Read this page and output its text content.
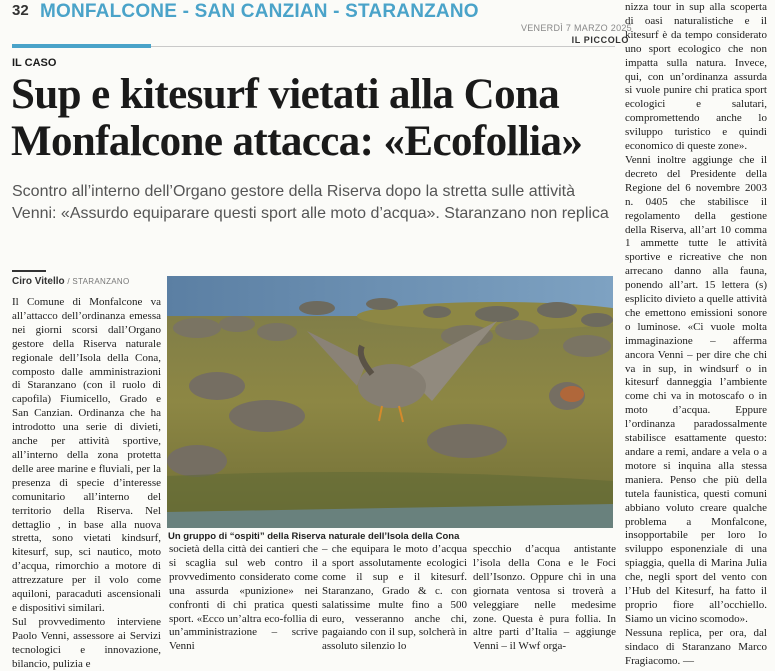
32 MONFALCONE - SAN CANZIAN - STARANZANO
VENERDÌ 7 MARZO 2025
IL PICCOLO
IL CASO
Sup e kitesurf vietati alla Cona
Monfalcone attacca: «Ecofollia»
Scontro all’interno dell’Organo gestore della Riserva dopo la stretta sulle attività
Venni: «Assurdo equiparare questi sport alle moto d’acqua». Staranzano non replica
Ciro Vitello / STARANZANO
Il Comune di Monfalcone va all’attacco dell’ordinanza emessa nei giorni scorsi dall’Organo gestore della Riserva naturale regionale dell’Isola della Cona, composto dalle amministrazioni di Staranzano (con il ruolo di capofila) Fiumicello, Grado e San Canzian. Ordinanza che ha introdotto una serie di divieti, anche per attività sportive, all’interno della zona protetta delle aree marine e fluviali, per la presenza di specie d’interesse comunitario all’interno del territorio della Riserva. Nel dettaglio , in base alla nuova stretta, sono vietati kindsurf, kitesurf, sup, sci nautico, moto d’acqua, rimorchio a motore di attrezzature per il volo come aquiloni, paracaduti ascensionali e dispositivi similari.
Sul provvedimento interviene Paolo Venni, assessore ai Servizi tecnologici e innovazione, bilancio, pulizia e
Un gruppo di “ospiti” della Riserva naturale dell’Isola della Cona
società della città dei cantieri che si scaglia sul web contro il provvedimento considerato come una assurda «punizione» nei confronti di chi pratica questi sport. «Ecco un’altra eco-follia di un’amministrazione – scrive Venni
– che equipara le moto d’acqua a sport assolutamente ecologici come il sup e il kitesurf. Staranzano, Grado & c. con salatissime multe fino a 500 euro, vesseranno anche chi, pagaiando con il sup, solcherà in assoluto silenzio lo
specchio d’acqua antistante l’isola della Cona e le Foci dell’Isonzo. Oppure chi in una giornata ventosa si troverà a veleggiare nelle medesime zone. Questa è pura follia. In altre parti d’Italia – aggiunge Venni – il Wwf orga-
nizza tour in sup alla scoperta di oasi naturalistiche e il kitesurf è da tempo considerato uno sport ecologico che non impatta sulla natura. Invece, qui, con un’ordinanza assurda si vuole punire chi pratica sport ecologici e salutari, compromettendo anche lo sviluppo turistico e quindi economico di queste zone».
Venni inoltre aggiunge che il decreto del Presidente della Regione del 6 novembre 2003 n. 0405 che stabilisce il regolamento della gestione della Riserva, all’art 10 comma 1 ammette tutte le attività sportive e ricreative che non arrecano danno alla fauna, ponendo all’art. 15 lettera (s) esplicito divieto a quelle attività che emettono emissioni sonore o luminose. «Ci vuole molta immaginazione – afferma ancora Venni – per dire che chi va in sup, in windsurf o in kitesurf danneggia l’ambiente come chi va in motoscafo o in moto d’acqua. Eppure l’ordinanza paradossalmente stabilisce esattamente questo: andare a remi, andare a vela o a motore si inquina alla stessa maniera. Penso che più della tutela faunistica, questi comuni abbiano voluto creare qualche problema a Monfalcone, insopportabile per loro lo sviluppo esponenziale di una spiaggia, quella di Marina Julia che, negli sport del vento con l’Hub del Kitesurf, ha fatto il proprio fiore all’occhiello. Siamo un vicino scomodo».
Nessuna replica, per ora, dal sindaco di Staranzano Marco Fragiacomo. —
